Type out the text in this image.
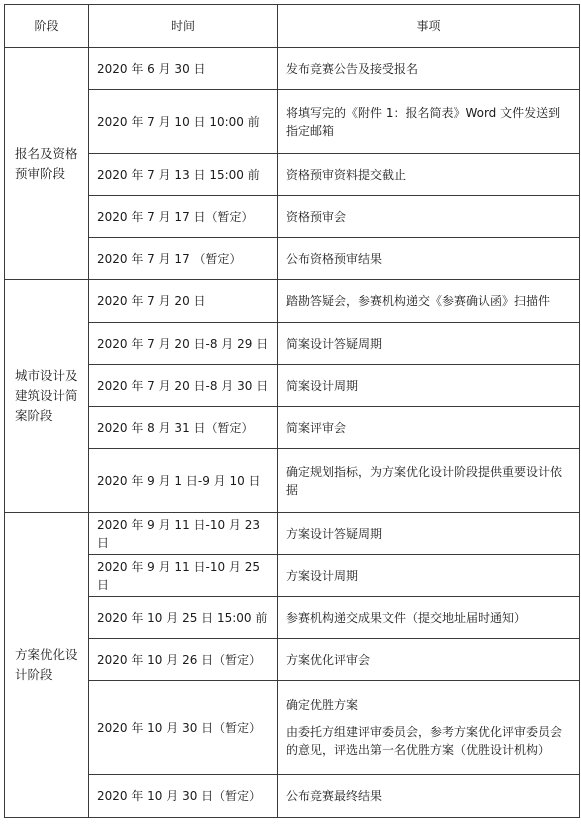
阶段	时间	事项
报名及资格预审阶段	2020 年 6 月 30 日	发布竞赛公告及接受报名
	2020 年 7 月 10 日 10:00 前	将填写完的《附件 1：报名简表》Word 文件发送到指定邮箱
	2020 年 7 月 13 日 15:00 前	资格预审资料提交截止
	2020 年 7 月 17 日（暂定）	资格预审会
	2020 年 7 月 17 （暂定）	公布资格预审结果
城市设计及建筑设计简案阶段	2020 年 7 月 20 日	踏勘答疑会，参赛机构递交《参赛确认函》扫描件
	2020 年 7 月 20 日-8 月 29 日	简案设计答疑周期
	2020 年 7 月 20 日-8 月 30 日	简案设计周期
	2020 年 8 月 31 日（暂定）	简案评审会
	2020 年 9 月 1 日-9 月 10 日	确定规划指标，为方案优化设计阶段提供重要设计依据
方案优化设计阶段	2020 年 9 月 11 日-10 月 23 日	方案设计答疑周期
	2020 年 9 月 11 日-10 月 25 日	方案设计周期
	2020 年 10 月 25 日 15:00 前	参赛机构递交成果文件（提交地址届时通知）
	2020 年 10 月 26 日（暂定）	方案优化评审会
	2020 年 10 月 30 日（暂定）	确定优胜方案
由委托方组建评审委员会，参考方案优化评审委员会的意见，评选出第一名优胜方案（优胜设计机构）

	2020 年 10 月 30 日（暂定）	公布竞赛最终结果
